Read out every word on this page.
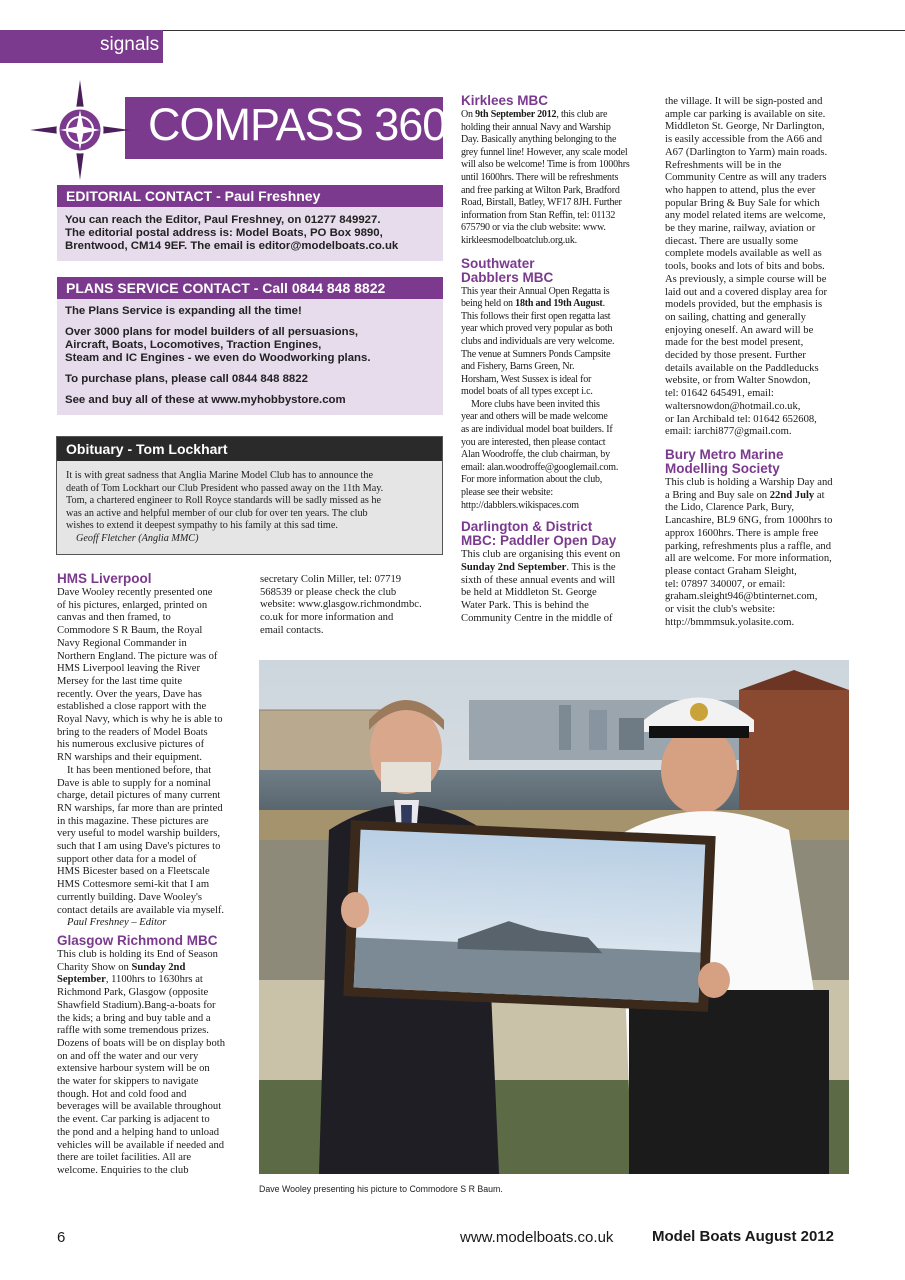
signals
COMPASS 360
EDITORIAL CONTACT - Paul Freshney
You can reach the Editor, Paul Freshney, on 01277 849927.
The editorial postal address is: Model Boats, PO Box 9890,
Brentwood, CM14 9EF. The email is editor@modelboats.co.uk
PLANS SERVICE CONTACT - Call 0844 848 8822

The Plans Service is expanding all the time!

Over 3000 plans for model builders of all persuasions,
Aircraft, Boats, Locomotives, Traction Engines,
Steam and IC Engines - we even do Woodworking plans.

To purchase plans, please call 0844 848 8822

See and buy all of these at www.myhobbystore.com

Obituary - Tom Lockhart
It is with great sadness that Anglia Marine Model Club has to announce the
death of Tom Lockhart our Club President who passed away on the 11th May.
Tom, a chartered engineer to Roll Royce standards will be sadly missed as he
was an active and helpful member of our club for over ten years. The club
wishes to extend it deepest sympathy to his family at this sad time.
Geoff Fletcher (Anglia MMC)
HMS Liverpool
Dave Wooley recently presented one
of his pictures, enlarged, printed on
canvas and then framed, to
Commodore S R Baum, the Royal
Navy Regional Commander in
Northern England. The picture was of
HMS Liverpool leaving the River
Mersey for the last time quite
recently. Over the years, Dave has
established a close rapport with the
Royal Navy, which is why he is able to
bring to the readers of Model Boats
his numerous exclusive pictures of
RN warships and their equipment.
It has been mentioned before, that
Dave is able to supply for a nominal
charge, detail pictures of many current
RN warships, far more than are printed
in this magazine. These pictures are
very useful to model warship builders,
such that I am using Dave's pictures to
support other data for a model of
HMS Bicester based on a Fleetscale
HMS Cottesmore semi-kit that I am
currently building. Dave Wooley's
contact details are available via myself.
Paul Freshney – Editor
Glasgow Richmond MBC
This club is holding its End of Season
Charity Show on Sunday 2nd
September, 1100hrs to 1630hrs at
Richmond Park, Glasgow (opposite
Shawfield Stadium).Bang-a-boats for
the kids; a bring and buy table and a
raffle with some tremendous prizes.
Dozens of boats will be on display both
on and off the water and our very
extensive harbour system will be on
the water for skippers to navigate
though. Hot and cold food and
beverages will be available throughout
the event. Car parking is adjacent to
the pond and a helping hand to unload
vehicles will be available if needed and
there are toilet facilities. All are
welcome. Enquiries to the club
secretary Colin Miller, tel: 07719
568539 or please check the club
website: www.glasgow.richmondmbc.
co.uk for more information and
email contacts.
Kirklees MBC
On 9th September 2012, this club are
holding their annual Navy and Warship
Day. Basically anything belonging to the
grey funnel line! However, any scale model
will also be welcome! Time is from 1000hrs
until 1600hrs. There will be refreshments
and free parking at Wilton Park, Bradford
Road, Birstall, Batley, WF17 8JH. Further
information from Stan Reffin, tel: 01132
675790 or via the club website: www.
kirkleesmodelboatclub.org.uk.
Southwater
Dabblers MBC
This year their Annual Open Regatta is
being held on 18th and 19th August.
This follows their first open regatta last
year which proved very popular as both
clubs and individuals are very welcome.
The venue at Sumners Ponds Campsite
and Fishery, Barns Green, Nr.
Horsham, West Sussex is ideal for
model boats of all types except i.c.
More clubs have been invited this
year and others will be made welcome
as are individual model boat builders. If
you are interested, then please contact
Alan Woodroffe, the club chairman, by
email: alan.woodroffe@googlemail.com.
For more information about the club,
please see their website:
http://dabblers.wikispaces.com
Darlington & District
MBC: Paddler Open Day
This club are organising this event on
Sunday 2nd September. This is the
sixth of these annual events and will
be held at Middleton St. George
Water Park. This is behind the
Community Centre in the middle of
the village. It will be sign-posted and
ample car parking is available on site.
Middleton St. George, Nr Darlington,
is easily accessible from the A66 and
A67 (Darlington to Yarm) main roads.
Refreshments will be in the
Community Centre as will any traders
who happen to attend, plus the ever
popular Bring & Buy Sale for which
any model related items are welcome,
be they marine, railway, aviation or
diecast. There are usually some
complete models available as well as
tools, books and lots of bits and bobs.
As previously, a simple course will be
laid out and a covered display area for
models provided, but the emphasis is
on sailing, chatting and generally
enjoying oneself. An award will be
made for the best model present,
decided by those present. Further
details available on the Paddleducks
website, or from Walter Snowdon,
tel: 01642 645491, email:
waltersnowdon@hotmail.co.uk,
or Ian Archibald tel: 01642 652608,
email: iarchi877@gmail.com.
Bury Metro Marine
Modelling Society
This club is holding a Warship Day and
a Bring and Buy sale on 22nd July at
the Lido, Clarence Park, Bury,
Lancashire, BL9 6NG, from 1000hrs to
approx 1600hrs. There is ample free
parking, refreshments plus a raffle, and
all are welcome. For more information,
please contact Graham Sleight,
tel: 07897 340007, or email:
graham.sleight946@btinternet.com,
or visit the club's website:
http://bmmmsuk.yolasite.com.
Dave Wooley presenting his picture to Commodore S R Baum.
6	www.modelboats.co.uk	Model Boats August 2012
